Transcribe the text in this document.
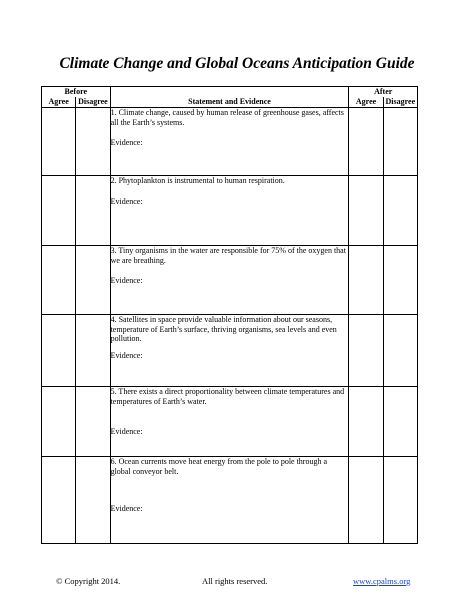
Climate Change and Global Oceans Anticipation Guide
Before			After	
Agree	Disagree	Statement and Evidence	Agree	Disagree
		1. Climate change, caused by human release of greenhouse gases, affects all the Earth’s systems.
Evidence:		

		2. Phytoplankton is instrumental to human respiration.
Evidence:		

		3. Tiny organisms in the water are responsible for 75% of the oxygen that we are breathing.
Evidence:		

		4. Satellites in space provide valuable information about our seasons, temperature of Earth’s surface, thriving organisms, sea levels and even pollution.
Evidence:		

		5. There exists a direct proportionality between climate temperatures and temperatures of Earth’s water.
Evidence:		

		6. Ocean currents move heat energy from the pole to pole through a global conveyor belt.
Evidence:		

© Copyright 2014.	All rights reserved.	www.cpalms.org
